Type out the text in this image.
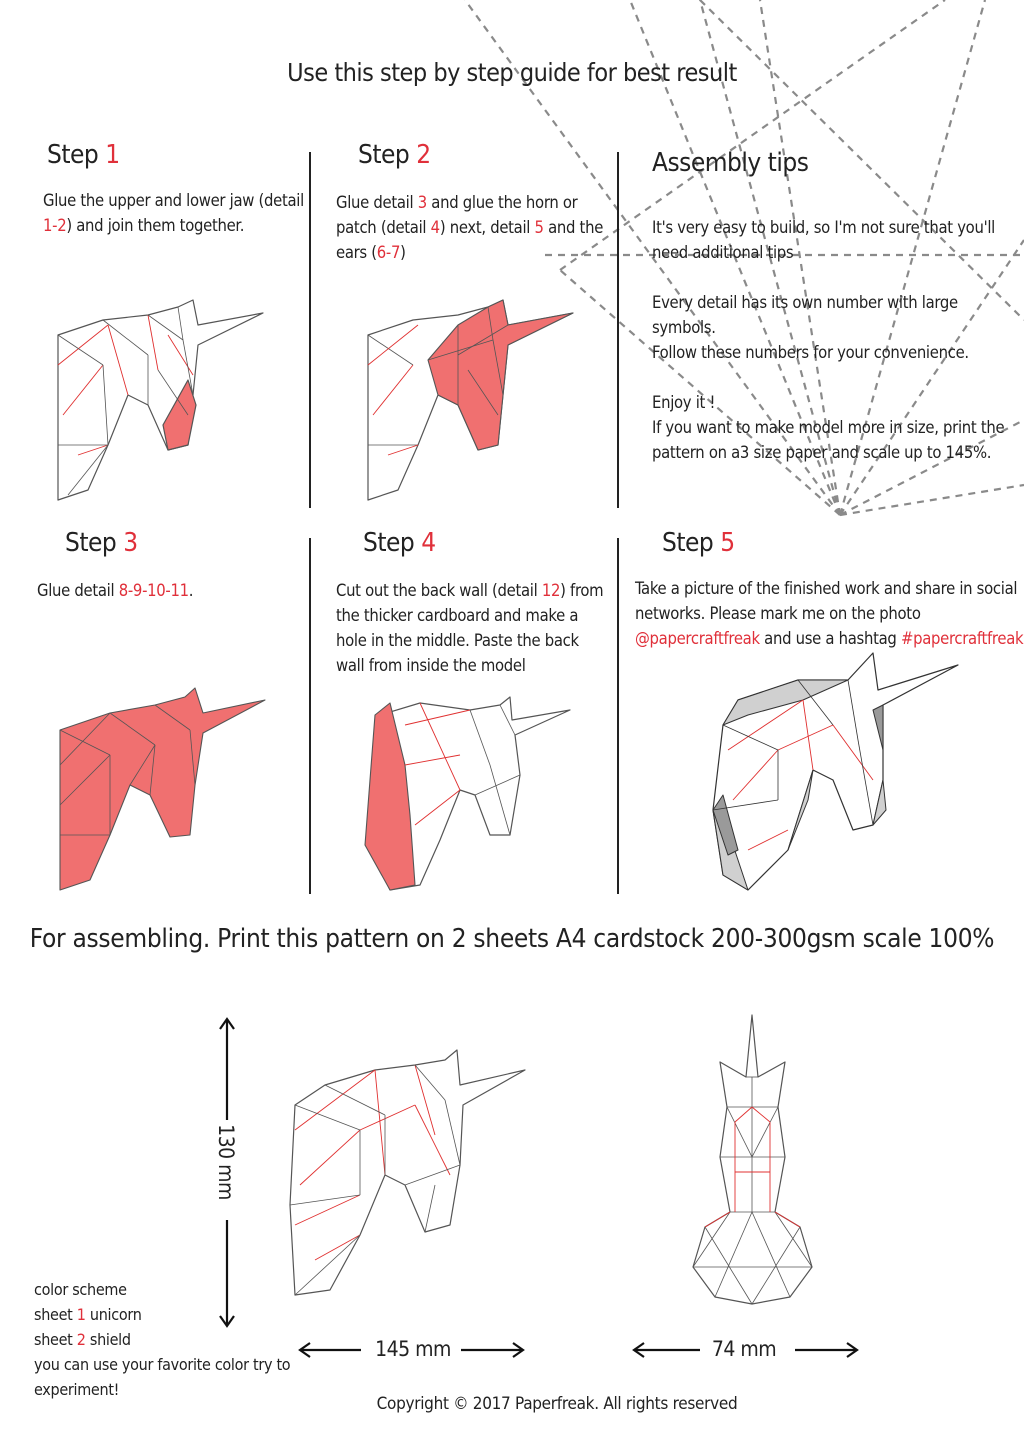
Use this step by step guide for best result
Step 1	Step 2	Assembly tips
Step 3	Step 4	Step 5
Glue the upper and lower jaw (detail
1-2) and join them together.
Glue detail 3 and glue the horn or
patch (detail 4) next, detail 5 and the
ears (6-7)
Glue detail 8-9-10-11.	Cut out the back wall (detail 12) from
the thicker cardboard and make a
hole in the middle. Paste the back
wall from inside the model
Take a picture of the finished work and share in social
networks. Please mark me on the photo
@papercraftfreak and use a hashtag #papercraftfreak
It's very easy to build, so I'm not sure that you'll
need additional tips
Every detail has its own number with large symbols.
Follow these numbers for your convenience.
Enjoy it !
If you want to make model more in size, print the
pattern on a3 size paper and scale up to 145%.
For assembling. Print this pattern on 2 sheets A4 cardstock 200-300gsm scale 100%
130 mm
145 mm	74 mm
color scheme
sheet 1 unicorn
sheet 2 shield
you can use your favorite color try to
experiment!
Copyright © 2017 Paperfreak. All rights reserved
